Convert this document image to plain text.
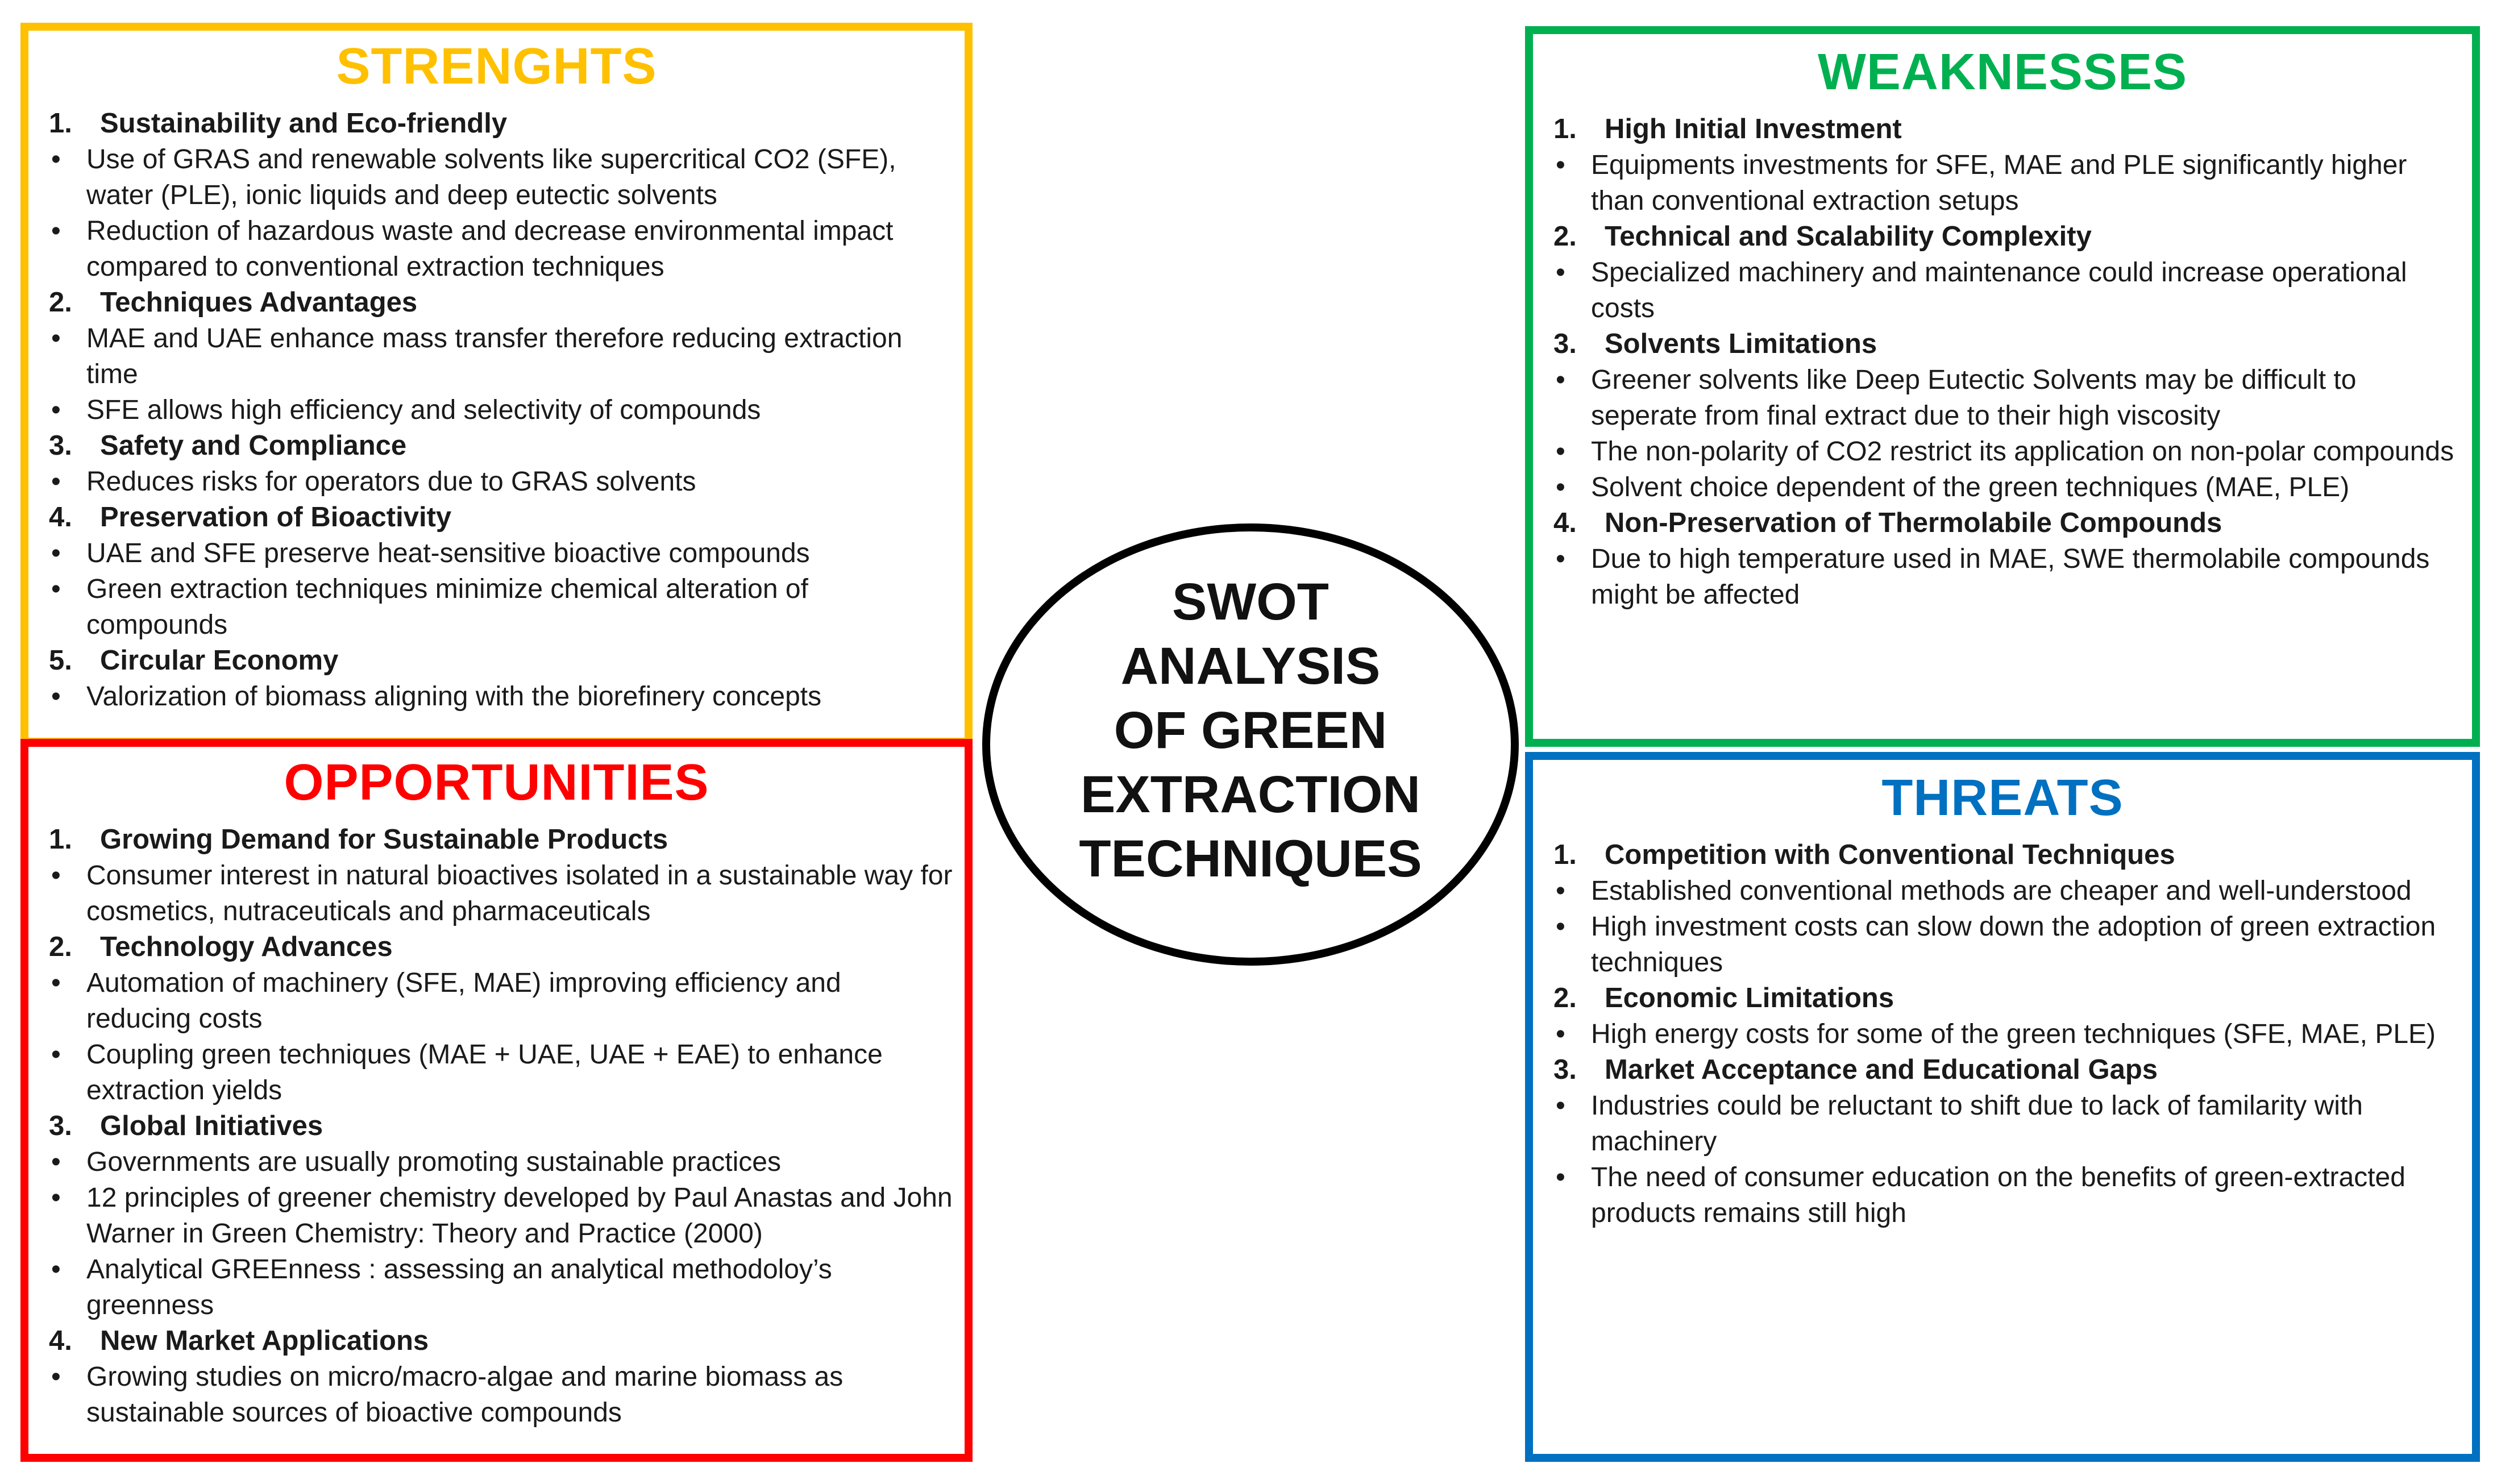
STRENGHTS
1.	Sustainability and Eco-friendly
• Use of GRAS and renewable solvents like supercritical CO2 (SFE), water (PLE), ionic liquids and deep eutectic solvents
• Reduction of hazardous waste and decrease environmental impact compared to conventional extraction techniques
2.	Techniques Advantages
• MAE and UAE enhance mass transfer therefore reducing extraction time
• SFE allows high efficiency and selectivity of compounds
3.	Safety and Compliance
• Reduces risks for operators due to GRAS solvents
4.	Preservation of Bioactivity
• UAE and SFE preserve heat-sensitive bioactive compounds
• Green extraction techniques minimize chemical alteration of compounds
5.	Circular Economy
• Valorization of biomass aligning with the biorefinery concepts
OPPORTUNITIES
1.	Growing Demand for Sustainable Products
• Consumer interest in natural bioactives isolated in a sustainable way for cosmetics, nutraceuticals and pharmaceuticals
2.	Technology Advances
• Automation of machinery (SFE, MAE) improving efficiency and reducing costs
• Coupling green techniques (MAE + UAE, UAE + EAE) to enhance extraction yields
3.	Global Initiatives
• Governments are usually promoting sustainable practices
• 12 principles of greener chemistry developed by Paul Anastas and John Warner in Green Chemistry: Theory and Practice (2000)
• Analytical GREEnness : assessing an analytical methodoloy’s greenness
4.	New Market Applications
• Growing studies on micro/macro-algae and marine biomass as sustainable sources of bioactive compounds
WEAKNESSES
1.	High Initial Investment
• Equipments investments for SFE, MAE and PLE significantly higher than conventional extraction setups
2.	Technical and Scalability Complexity
• Specialized machinery and maintenance could increase operational costs
3.	Solvents Limitations
• Greener solvents like Deep Eutectic Solvents may be difficult to seperate from final extract due to their high viscosity
• The non-polarity of CO2 restrict its application on non-polar compounds
• Solvent choice dependent of the green techniques (MAE, PLE)
4.	Non-Preservation of Thermolabile Compounds
• Due to high temperature used in MAE, SWE thermolabile compounds might be affected
THREATS
1.	Competition with Conventional Techniques
• Established conventional methods are cheaper and well-understood
• High investment costs can slow down the adoption of green extraction techniques
2.	Economic Limitations
• High energy costs for some of the green techniques (SFE, MAE, PLE)
3.	Market Acceptance and Educational Gaps
• Industries could be reluctant to shift due to lack of familarity with machinery
• The need of consumer education on the benefits of green-extracted products remains still high
SWOT
ANALYSIS
OF GREEN
EXTRACTION
TECHNIQUES
